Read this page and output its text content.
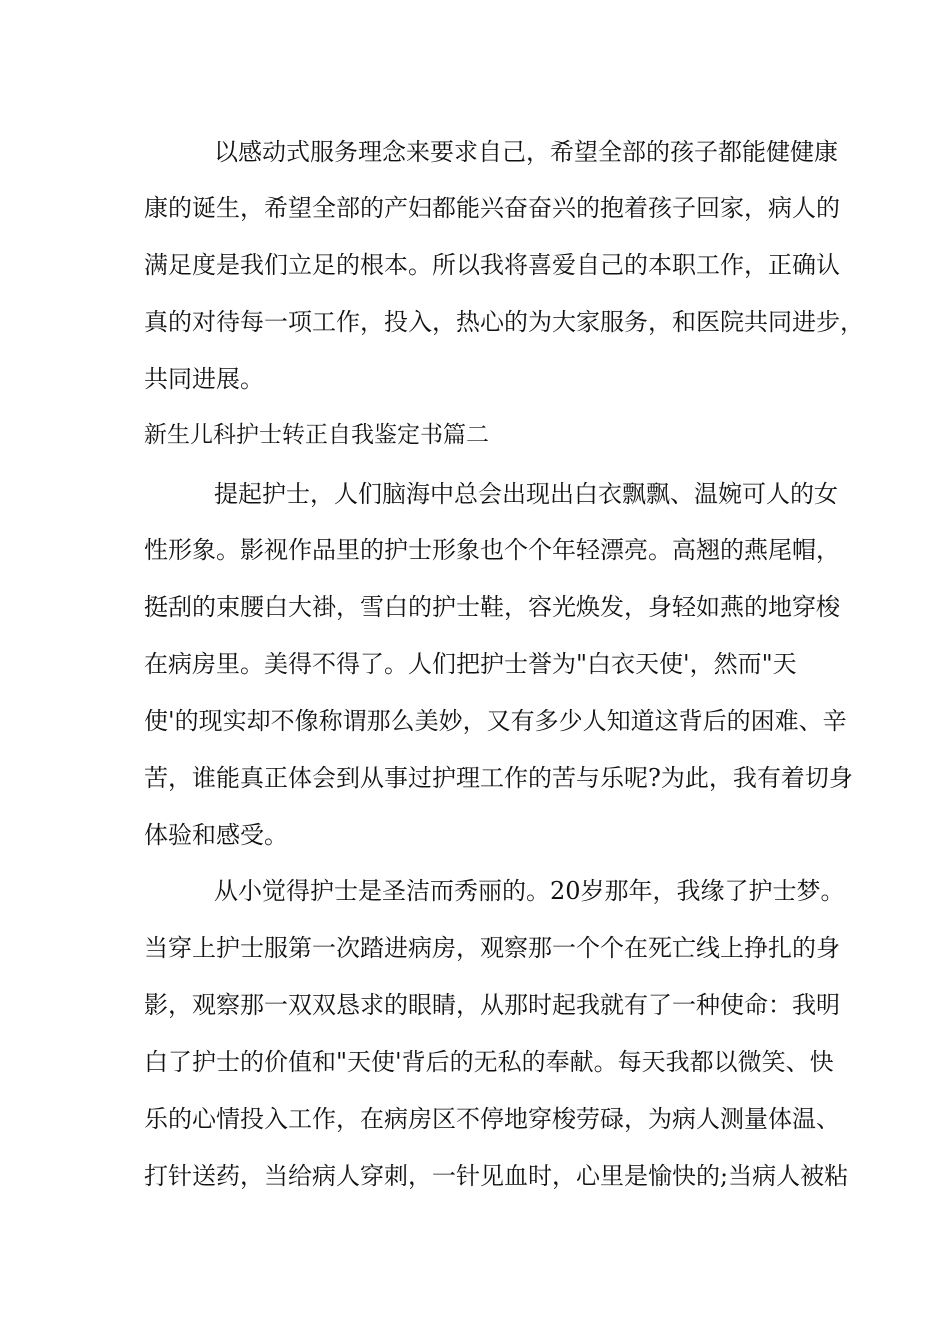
以感动式服务理念来要求自己，希望全部的孩子都能健健康
康的诞生，希望全部的产妇都能兴奋奋兴的抱着孩子回家，病人的
满足度是我们立足的根本。所以我将喜爱自己的本职工作，正确认
真的对待每一项工作，投入，热心的为大家服务，和医院共同进步，
共同进展。
新生儿科护士转正自我鉴定书篇二
提起护士，人们脑海中总会出现出白衣飘飘、温婉可人的女
性形象。影视作品里的护士形象也个个年轻漂亮。高翘的燕尾帽，
挺刮的束腰白大褂，雪白的护士鞋，容光焕发，身轻如燕的地穿梭
在病房里。美得不得了。人们把护士誉为"白衣天使'，然而"天
使'的现实却不像称谓那么美妙，又有多少人知道这背后的困难、辛
苦，谁能真正体会到从事过护理工作的苦与乐呢?为此，我有着切身
体验和感受。
从小觉得护士是圣洁而秀丽的。20岁那年，我缘了护士梦。
当穿上护士服第一次踏进病房，观察那一个个在死亡线上挣扎的身
影，观察那一双双恳求的眼睛，从那时起我就有了一种使命：我明
白了护士的价值和"天使'背后的无私的奉献。每天我都以微笑、快
乐的心情投入工作，在病房区不停地穿梭劳碌，为病人测量体温、
打针送药，当给病人穿刺，一针见血时，心里是愉快的;当病人被粘
